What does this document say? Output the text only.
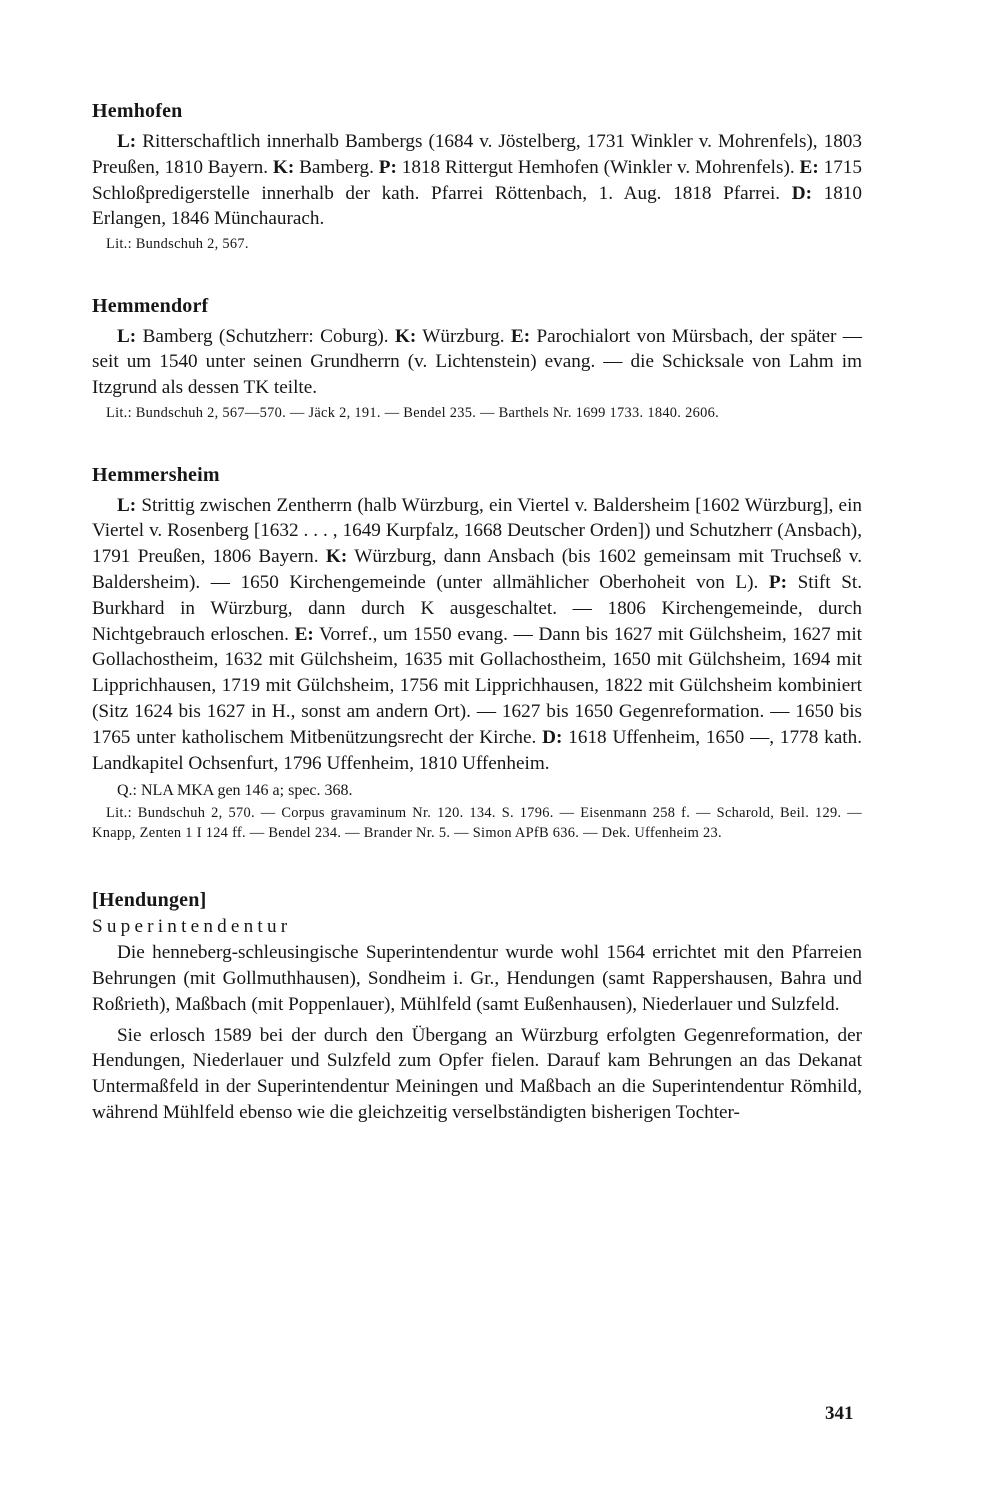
Hemhofen

L: Ritterschaftlich innerhalb Bambergs (1684 v. Jöstelberg, 1731 Winkler v. Mohrenfels), 1803 Preußen, 1810 Bayern. K: Bamberg. P: 1818 Rittergut Hemhofen (Winkler v. Mohrenfels). E: 1715 Schloßpredigerstelle innerhalb der kath. Pfarrei Röttenbach, 1. Aug. 1818 Pfarrei. D: 1810 Erlangen, 1846 Münchaurach.

Lit.: Bundschuh 2, 567.

Hemmendorf

L: Bamberg (Schutzherr: Coburg). K: Würzburg. E: Parochialort von Mürsbach, der später — seit um 1540 unter seinen Grundherrn (v. Lichtenstein) evang. — die Schicksale von Lahm im Itzgrund als dessen TK teilte.

Lit.: Bundschuh 2, 567—570. — Jäck 2, 191. — Bendel 235. — Barthels Nr. 1699 1733. 1840. 2606.

Hemmersheim

L: Strittig zwischen Zentherrn (halb Würzburg, ein Viertel v. Baldersheim [1602 Würzburg], ein Viertel v. Rosenberg [1632 . . . , 1649 Kurpfalz, 1668 Deutscher Orden]) und Schutzherr (Ansbach), 1791 Preußen, 1806 Bayern. K: Würzburg, dann Ansbach (bis 1602 gemeinsam mit Truchseß v. Baldersheim). — 1650 Kirchengemeinde (unter allmählicher Oberhoheit von L). P: Stift St. Burkhard in Würzburg, dann durch K ausgeschaltet. — 1806 Kirchengemeinde, durch Nichtgebrauch erloschen. E: Vorref., um 1550 evang. — Dann bis 1627 mit Gülchsheim, 1627 mit Gollachostheim, 1632 mit Gülchsheim, 1635 mit Gollachostheim, 1650 mit Gülchsheim, 1694 mit Lipprichhausen, 1719 mit Gülchsheim, 1756 mit Lipprichhausen, 1822 mit Gülchsheim kombiniert (Sitz 1624 bis 1627 in H., sonst am andern Ort). — 1627 bis 1650 Gegenreformation. — 1650 bis 1765 unter katholischem Mitbenützungsrecht der Kirche. D: 1618 Uffenheim, 1650 —, 1778 kath. Landkapitel Ochsenfurt, 1796 Uffenheim, 1810 Uffenheim.

Q.: NLA MKA gen 146 a; spec. 368.

Lit.: Bundschuh 2, 570. — Corpus gravaminum Nr. 120. 134. S. 1796. — Eisenmann 258 f. — Scharold, Beil. 129. — Knapp, Zenten 1 I 124 ff. — Bendel 234. — Brander Nr. 5. — Simon APfB 636. — Dek. Uffenheim 23.

[Hendungen]

Superintendentur

Die henneberg-schleusingische Superintendentur wurde wohl 1564 errichtet mit den Pfarreien Behrungen (mit Gollmuthhausen), Sondheim i. Gr., Hendungen (samt Rappershausen, Bahra und Roßrieth), Maßbach (mit Poppenlauer), Mühlfeld (samt Eußenhausen), Niederlauer und Sulzfeld.

Sie erlosch 1589 bei der durch den Übergang an Würzburg erfolgten Gegenreformation, der Hendungen, Niederlauer und Sulzfeld zum Opfer fielen. Darauf kam Behrungen an das Dekanat Untermaßfeld in der Superintendentur Meiningen und Maßbach an die Superintendentur Römhild, während Mühlfeld ebenso wie die gleichzeitig verselbständigten bisherigen Tochter-

341
